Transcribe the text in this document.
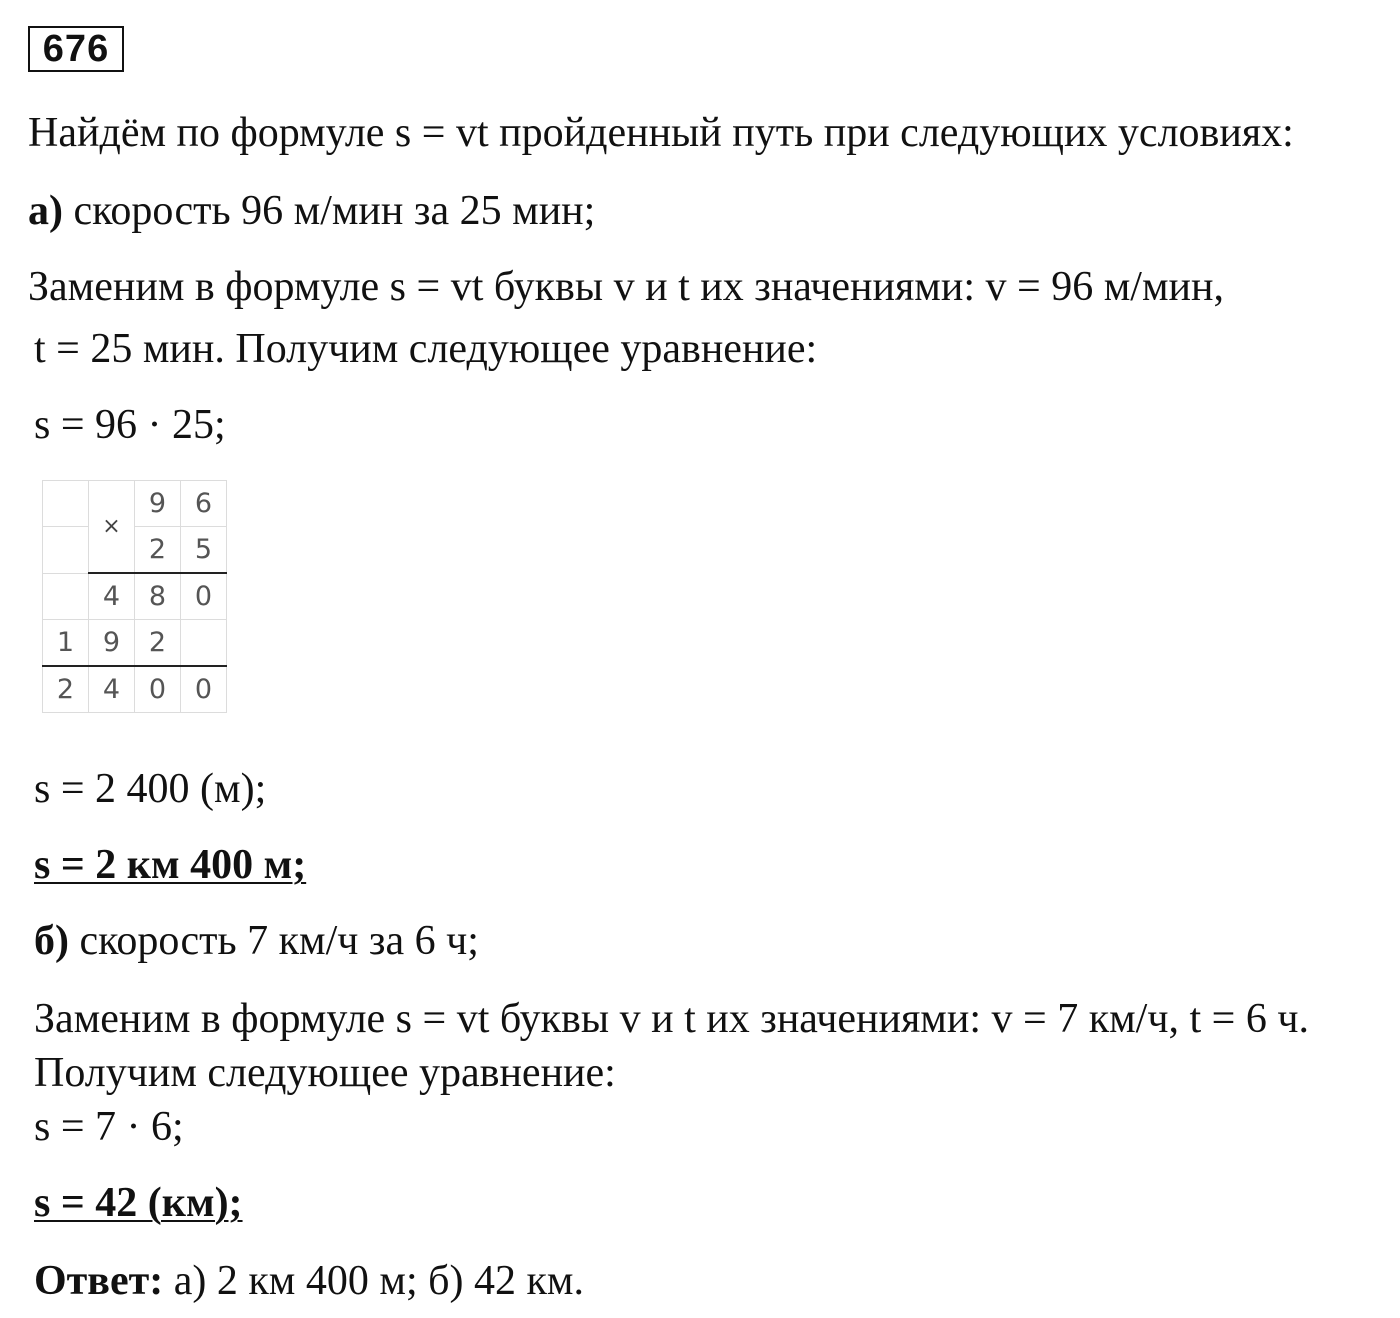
676
Найдём по формуле s = vt пройденный путь при следующих условиях:
а) скорость 96 м/мин за 25 мин;
Заменим в формуле s = vt буквы v и t их значениями: v = 96 м/мин,
t = 25 мин. Получим следующее уравнение:
s = 96 · 25;
	×	9	6
		2	5
	4	8	0
1	9	2	
2	4	0	0
s = 2 400 (м);
s = 2 км 400 м;
б) скорость 7 км/ч за 6 ч;
Заменим в формуле s = vt буквы v и t их значениями: v = 7 км/ч, t = 6 ч.
Получим следующее уравнение:
s = 7 · 6;
s = 42 (км);
Ответ: а) 2 км 400 м; б) 42 км.
